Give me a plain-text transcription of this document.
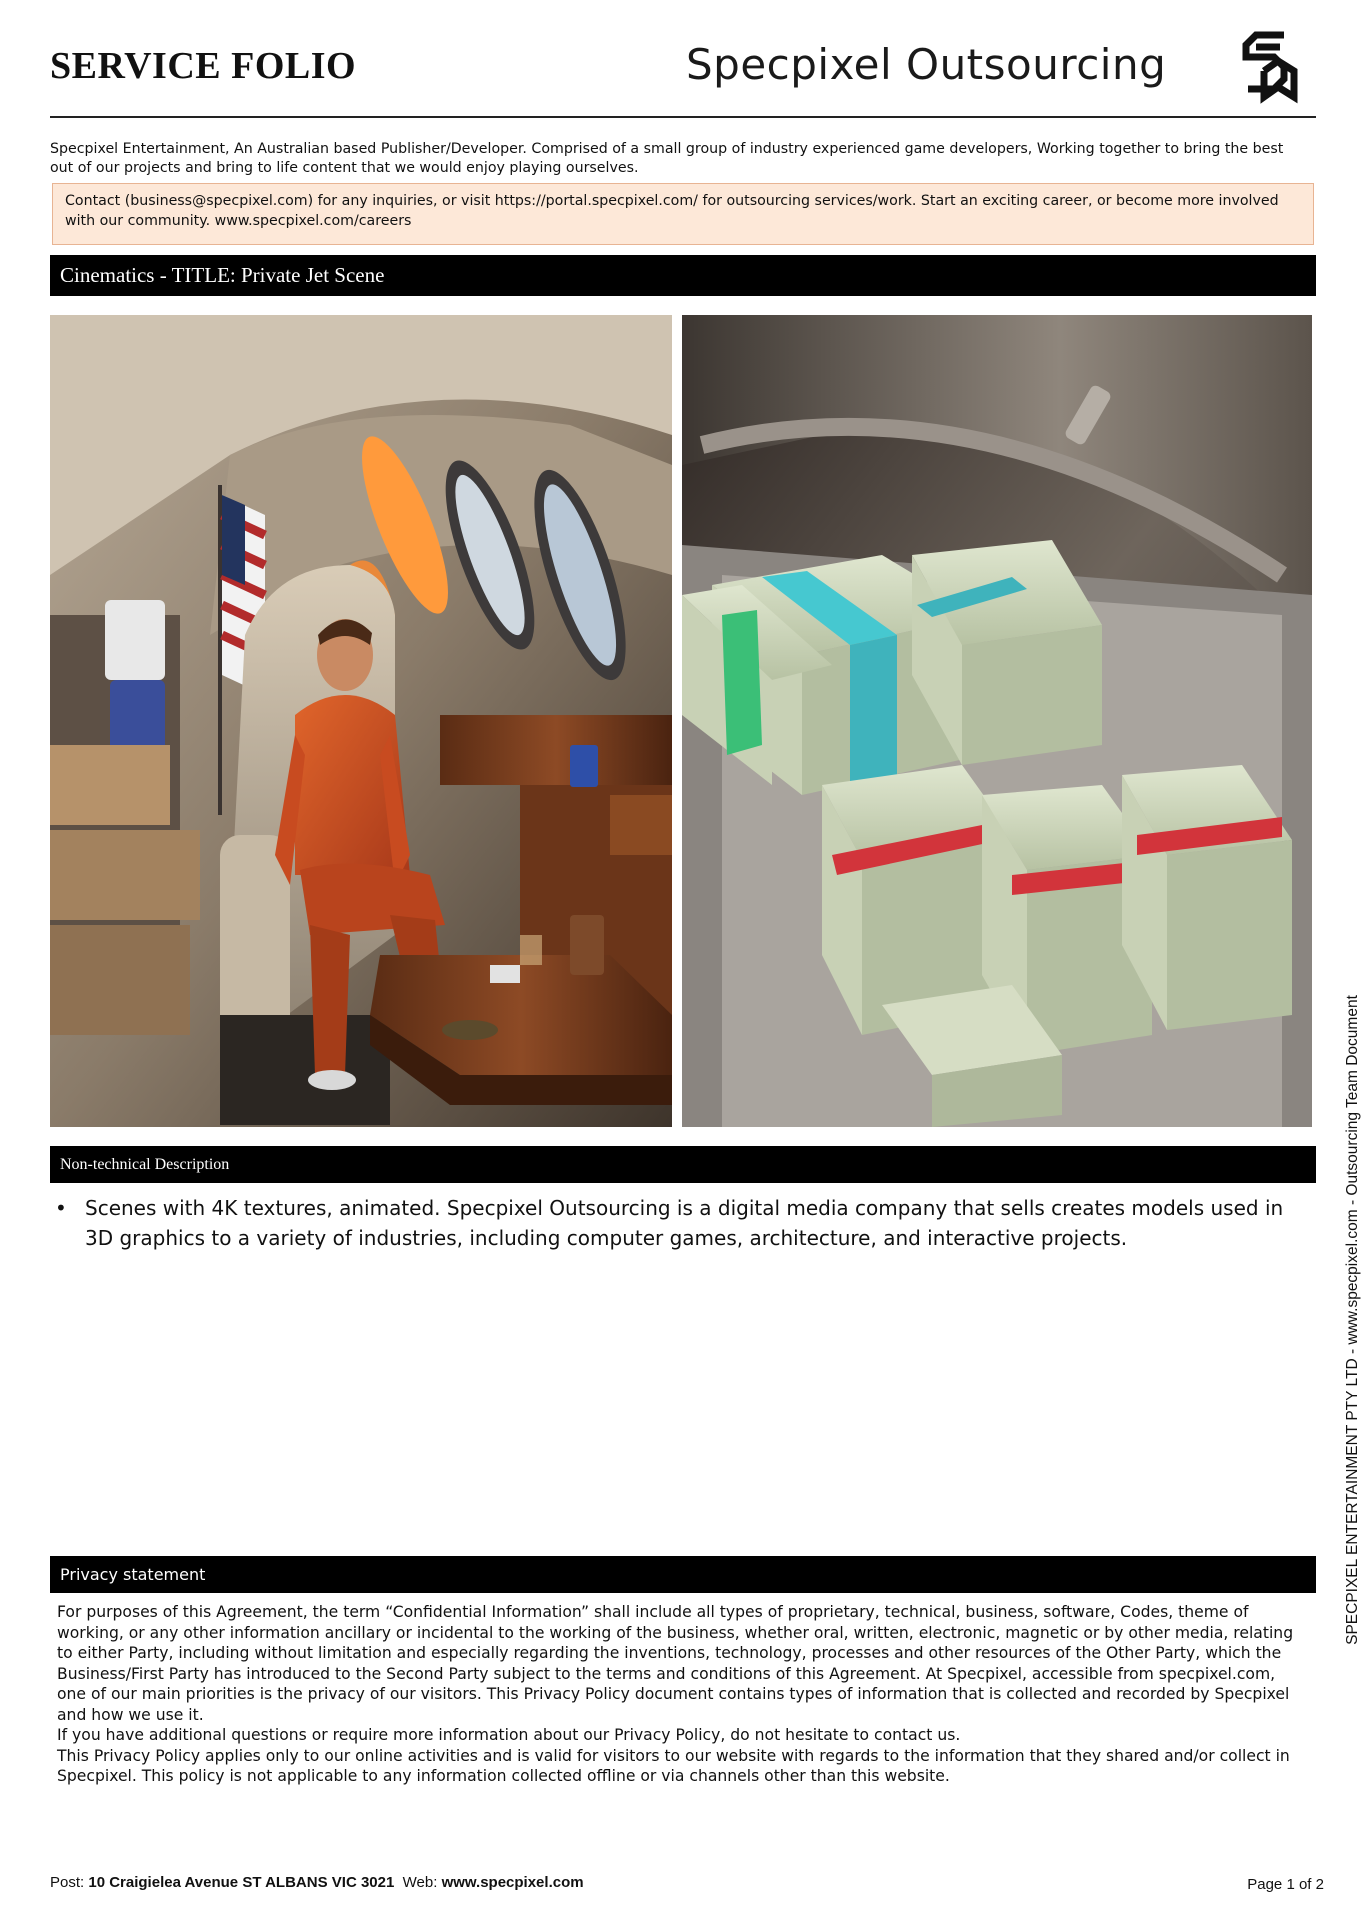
SERVICE FOLIO	Specpixel Outsourcing
Specpixel Entertainment, An Australian based Publisher/Developer. Comprised of a small group of industry experienced game developers, Working together to bring the best out of our projects and bring to life content that we would enjoy playing ourselves.
Contact (business@specpixel.com) for any inquiries, or visit https://portal.specpixel.com/ for outsourcing services/work. Start an exciting career, or become more involved with our community. www.specpixel.com/careers
Cinematics - TITLE: Private Jet Scene
Non-technical Description
• Scenes with 4K textures, animated. Specpixel Outsourcing is a digital media company that sells creates models used in 3D graphics to a variety of industries, including computer games, architecture, and interactive projects.
Privacy statement

For purposes of this Agreement, the term “Confidential Information” shall include all types of proprietary, technical, business, software, Codes, theme of working, or any other information ancillary or incidental to the working of the business, whether oral, written, electronic, magnetic or by other media, relating to either Party, including without limitation and especially regarding the inventions, technology, processes and other resources of the Other Party, which the Business/First Party has introduced to the Second Party subject to the terms and conditions of this Agreement. At Specpixel, accessible from specpixel.com, one of our main priorities is the privacy of our visitors. This Privacy Policy document contains types of information that is collected and recorded by Specpixel and how we use it.

If you have additional questions or require more information about our Privacy Policy, do not hesitate to contact us.

This Privacy Policy applies only to our online activities and is valid for visitors to our website with regards to the information that they shared and/or collect in Specpixel. This policy is not applicable to any information collected offline or via channels other than this website.

Post: 10 Craigielea Avenue ST ALBANS VIC 3021 Web: www.specpixel.com	Page 1 of 2
SPECPIXEL ENTERTAINMENT PTY LTD - www.specpixel.com - Outsourcing Team Document
